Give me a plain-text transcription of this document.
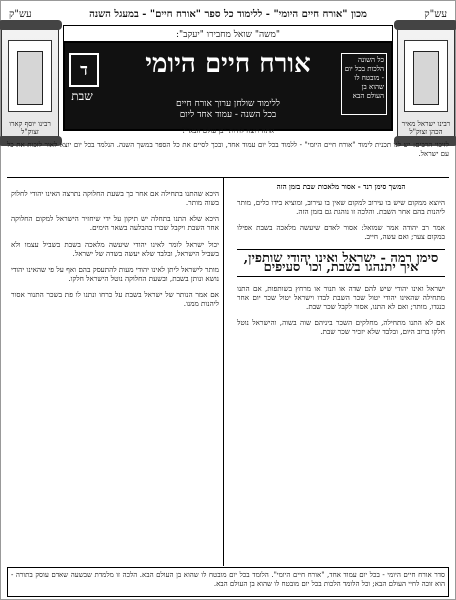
עש"ק
מכון "אורח חיים היומי" - ללימוד כל ספר "אורח חיים" - במעגל השנה
עש"ק
רבינו יוסף קארו זצוק"ל
"משה" שואל מחבירו "יעקב":
ד
שבת
כל השונה הלכות בכל יום - מובטח לו שהוא בן העולם הבא
אורח חיים היומי
ללימוד שולחן ערוך אורח חיים
בכל השנה - עמוד אחד ליום
אתה רוצה להיות "בן עולם הבא"?
רבינו ישראל מאיר הכהן זצוק"ל
לזיכוי הרבים: יש לנו תכנית לימוד "אורח חיים היומי" - ללמוד בכל יום עמוד אחד, ובכך לסיים את כל הספר במשך השנה. הנלמד בכל יום יוצא לאור לזכות את כל עם ישראל.
המשך סימן רנד - אסור מלאכות שבת בזמן הזה

היוצא ממקום שיש בו עירוב למקום שאין בו עירוב, ומוציא בידו כלים, מותר ליהנות בהם אחר השבת. והלכה זו נוהגת גם בזמן הזה.

אמר רב יהודה אמר שמואל: אסור לאדם שיעשה מלאכה בשבת אפילו במקום צער; ואם עשה, חייב.

סימן רמה - ישראל ואינו יהודי שותפין, איך יתנהגו בשבת, וכו' סעיפים

ישראל ואינו יהודי שיש להם שדה או תנור או מרחץ בשותפות, אם התנו מתחילה שהאינו יהודי יטול שכר השבת לבדו וישראל יטול שכר יום אחר כנגדו, מותר; ואם לא התנו, אסור לקבל שכר שבת.

אם לא התנו מתחילה, מחלקים השכר ביניהם שוה בשוה, והישראל נוטל חלקו ברוב היום, ובלבד שלא יזכיר שכר שבת.

היכא שהתנו בתחילה אם אחר כך בשעת החלוקה נתרצה האינו יהודי לחלוק בשוה מותר.

היכא שלא התנו בתחלה יש תיקון על ידי שיחזיר הישראל למקום החלוקה אחר השבת ויקבל שכרו בהבלעה בשאר הימים.

יכול ישראל לומר לאינו יהודי שיעשה מלאכה בשבת בשביל עצמו ולא בשביל הישראל, ובלבד שלא יעשה בשדה של ישראל.

מותר לישראל ליתן לאינו יהודי מעות להתעסק בהם ואף על פי שהאינו יהודי נושא ונותן בשבת, ובשעת החלוקה נוטל הישראל חלקו.

אם אמר הנותר של ישראל בשבת על כרחו ונתנו לו פת בשכר התנור אסור ליהנות ממנו.

סדר אורח חיים היומי - בכל יום עמוד אחד, "אורח חיים היומי". הלומד בכל יום מובטח לו שהוא בן העולם הבא. הלכה זו מלמדת שבשעה שאדם עוסק בתורה - הוא זוכה לחיי העולם הבא; וכל הלומד הלכות בכל יום מובטח לו שהוא בן העולם הבא.
